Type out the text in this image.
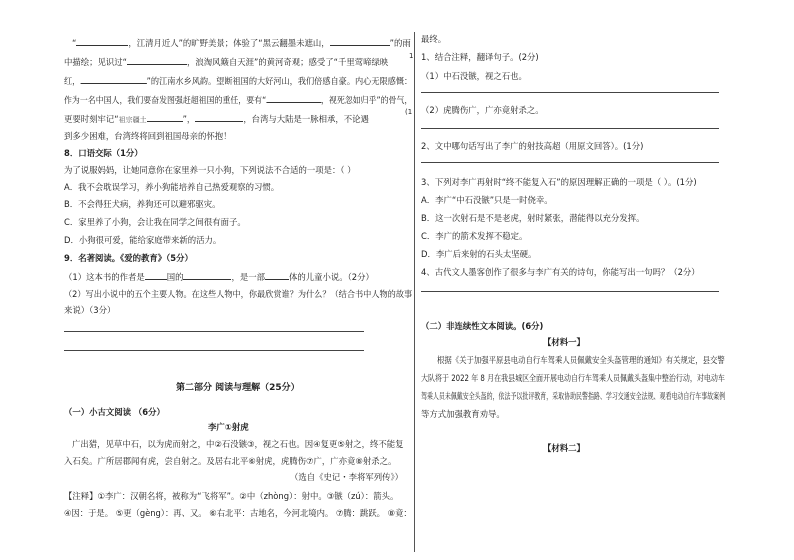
“	，江清月近人”的旷野美景；体验了“黑云翻墨未遮山，	”的雨
中描绘；见识过“	，浪淘风簸自天涯”的黄河奇观；感受了“千里莺啼绿映
红，	”的江南水乡风韵。望断祖国的大好河山，我们倍感自豪。内心无限感慨：
作为一名中国人，我们要奋发图强赶超祖国的重任，要有“	，视死忽如归乎”的骨气，
更要时刻牢记“祖宗疆土	”，	，台湾与大陆是一脉相承，不论遇
到多少困难，台湾终将回到祖国母亲的怀抱！
8．口语交际（1分）
为了说服妈妈，让她同意你在家里养一只小狗，下列说法不合适的一项是：（ ）
A．我不会耽误学习，养小狗能培养自己热爱观察的习惯。
B．不会得狂犬病，养狗还可以避邪驱灾。
C．家里养了小狗，会让我在同学之间很有面子。
D．小狗很可爱，能给家庭带来新的活力。
9．名著阅读。《爱的教育》（5分）
（1）这本书的作者是	国的	，是一部	体的儿童小说。（2分）
（2）写出小说中的五个主要人物。在这些人物中，你最欣赏谁？为什么？（结合书中人物的故事
来说）（3分）
第二部分 阅读与理解（25分）
（一）小古文阅读 （6分）
李广①射虎
广出猎，见草中石，以为虎而射之，中②石没镞③，视之石也。因④复更⑤射之，终不能复
入石矣。广所居郡闻有虎，尝自射之。及居右北平⑥射虎，虎腾伤⑦广，广亦竟⑧射杀之。
（选自《史记・李将军列传》）
【注释】①李广：汉朝名将，被称为“飞将军”。②中（zhòng）：射中。③镞（zú）：箭头。
④因：于是。 ⑤更（gèng）：再、又。 ⑥右北平：古地名，今河北境内。 ⑦腾：跳跃。 ⑧竟：
1
(1
最终。
1、结合注释，翻译句子。(2分)
（1）中石没镞，视之石也。
（2）虎腾伤广，广亦竟射杀之。
2、文中哪句话写出了李广的射技高超（用原文回答）。(1分)
3、下列对李广再射时“终不能复入石”的原因理解正确的一项是（ ）。(1分)
A．李广“中石没镞”只是一时侥幸。
B．这一次射石是不是老虎，射时紧张，潜能得以充分发挥。
C．李广的箭术发挥不稳定。
D．李广后来射的石头太坚硬。
4、古代文人墨客创作了很多与李广有关的诗句，你能写出一句吗？（2分）
（二）非连续性文本阅读。(6分)
【材料一】
根据《关于加强平原县电动自行车驾乘人员佩戴安全头盔管理的通知》有关规定，县交警
大队将于 2022 年 8 月在我县城区全面开展电动自行车驾乘人员佩戴头盔集中整治行动，对电动车
驾乘人员未佩戴安全头盔的，依法予以批评教育，采取协助民警指路、学习交通安全法规、观看电动自行车事故案例
等方式加强教育劝导。
【材料二】
